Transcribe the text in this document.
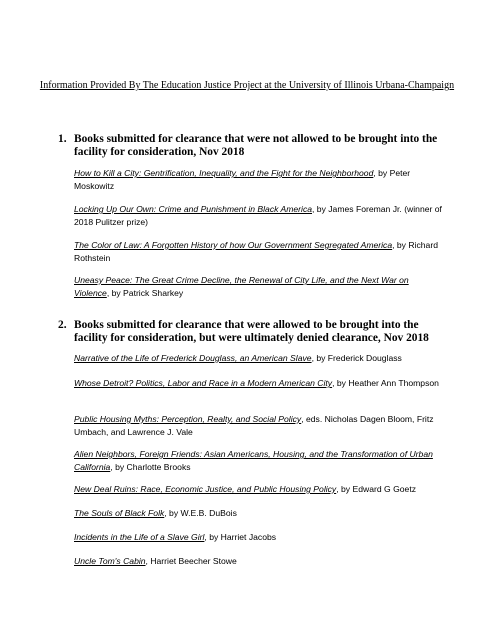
Information Provided By The Education Justice Project at the University of Illinois Urbana-Champaign
1. Books submitted for clearance that were not allowed to be brought into the facility for consideration, Nov 2018
How to Kill a City: Gentrification, Inequality, and the Fight for the Neighborhood, by Peter Moskowitz
Locking Up Our Own: Crime and Punishment in Black America, by James Foreman Jr. (winner of 2018 Pulitzer prize)
The Color of Law: A Forgotten History of how Our Government Segregated America, by Richard Rothstein
Uneasy Peace: The Great Crime Decline, the Renewal of City Life, and the Next War on Violence, by Patrick Sharkey
2. Books submitted for clearance that were allowed to be brought into the facility for consideration, but were ultimately denied clearance, Nov 2018
Narrative of the Life of Frederick Douglass, an American Slave, by Frederick Douglass
Whose Detroit? Politics, Labor and Race in a Modern American City, by Heather Ann Thompson
Public Housing Myths: Perception, Realty, and Social Policy, eds. Nicholas Dagen Bloom, Fritz Umbach, and Lawrence J. Vale
Alien Neighbors, Foreign Friends: Asian Americans, Housing, and the Transformation of Urban California, by Charlotte Brooks
New Deal Ruins: Race, Economic Justice, and Public Housing Policy, by Edward G Goetz
The Souls of Black Folk, by W.E.B. DuBois
Incidents in the Life of a Slave Girl, by Harriet Jacobs
Uncle Tom's Cabin, Harriet Beecher Stowe
